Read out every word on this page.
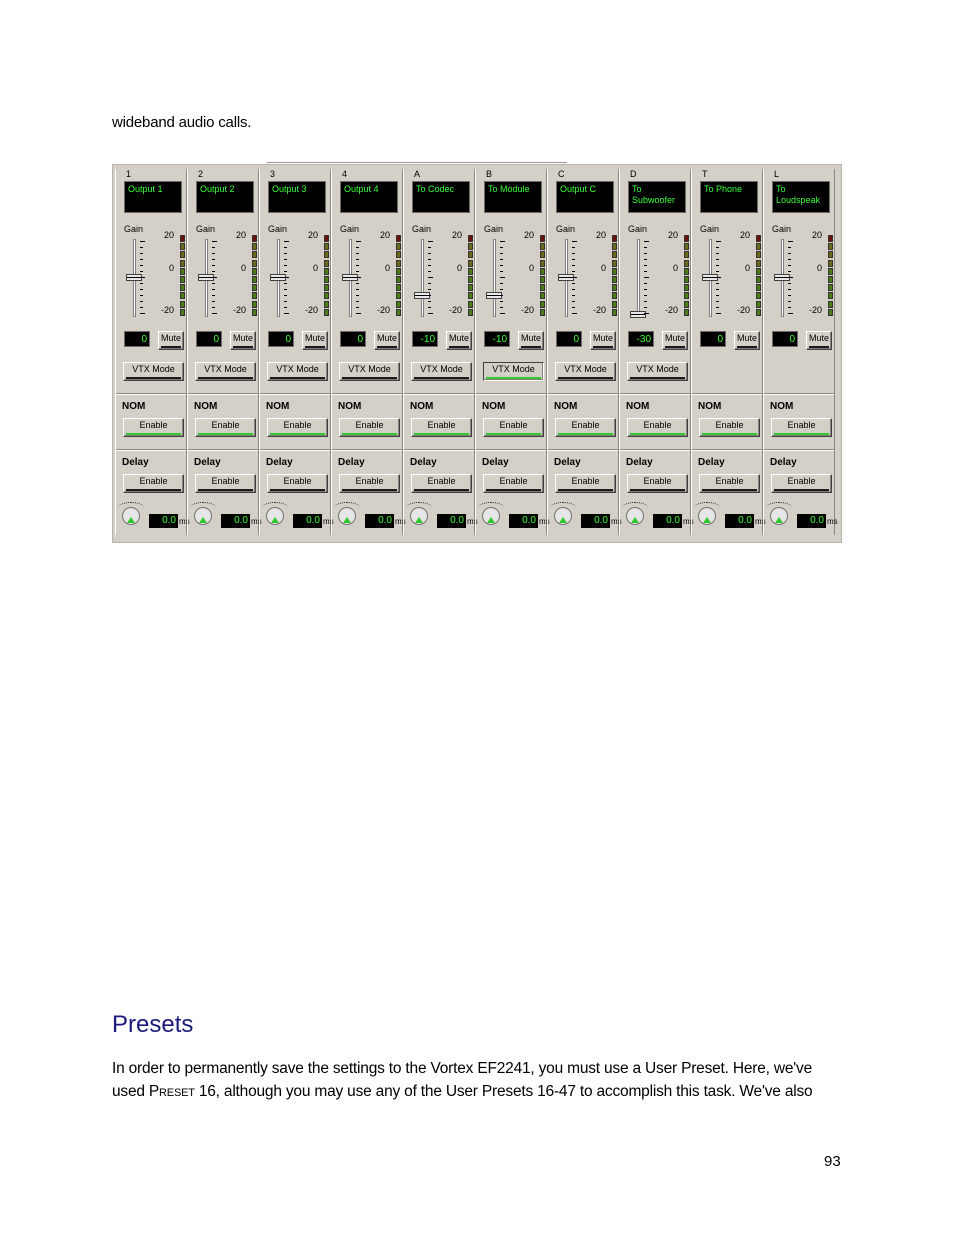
wideband audio calls.
1
Output 1
Gain
20
0
-20
0	Mute
VTX Mode
NOM
Enable
Delay
Enable
0.0 ms
2
Output 2
Gain
20
0
-20
0	Mute
VTX Mode
NOM
Enable
Delay
Enable
0.0 ms
3
Output 3
Gain
20
0
-20
0	Mute
VTX Mode
NOM
Enable
Delay
Enable
0.0 ms
4
Output 4
Gain
20
0
-20
0	Mute
VTX Mode
NOM
Enable
Delay
Enable
0.0 ms
A
To Codec
Gain
20
0
-20
-10	Mute
VTX Mode
NOM
Enable
Delay
Enable
0.0 ms
B
To Module
Gain
20
0
-20
-10	Mute
VTX Mode
NOM
Enable
Delay
Enable
0.0 ms
C
Output C
Gain
20
0
-20
0	Mute
VTX Mode
NOM
Enable
Delay
Enable
0.0 ms
D
To Subwoofer
Gain
20
0
-20
-30	Mute
VTX Mode
NOM
Enable
Delay
Enable
0.0 ms
T
To Phone
Gain
20
0
-20
0	Mute
NOM
Enable
Delay
Enable
0.0 ms
L
To Loudspeak
Gain
20
0
-20
0	Mute
NOM
Enable
Delay
Enable
0.0 ms
Presets
In order to permanently save the settings to the Vortex EF2241, you must use a User Preset. Here, we've used Preset 16, although you may use any of the User Presets 16-47 to accomplish this task. We've also
93
